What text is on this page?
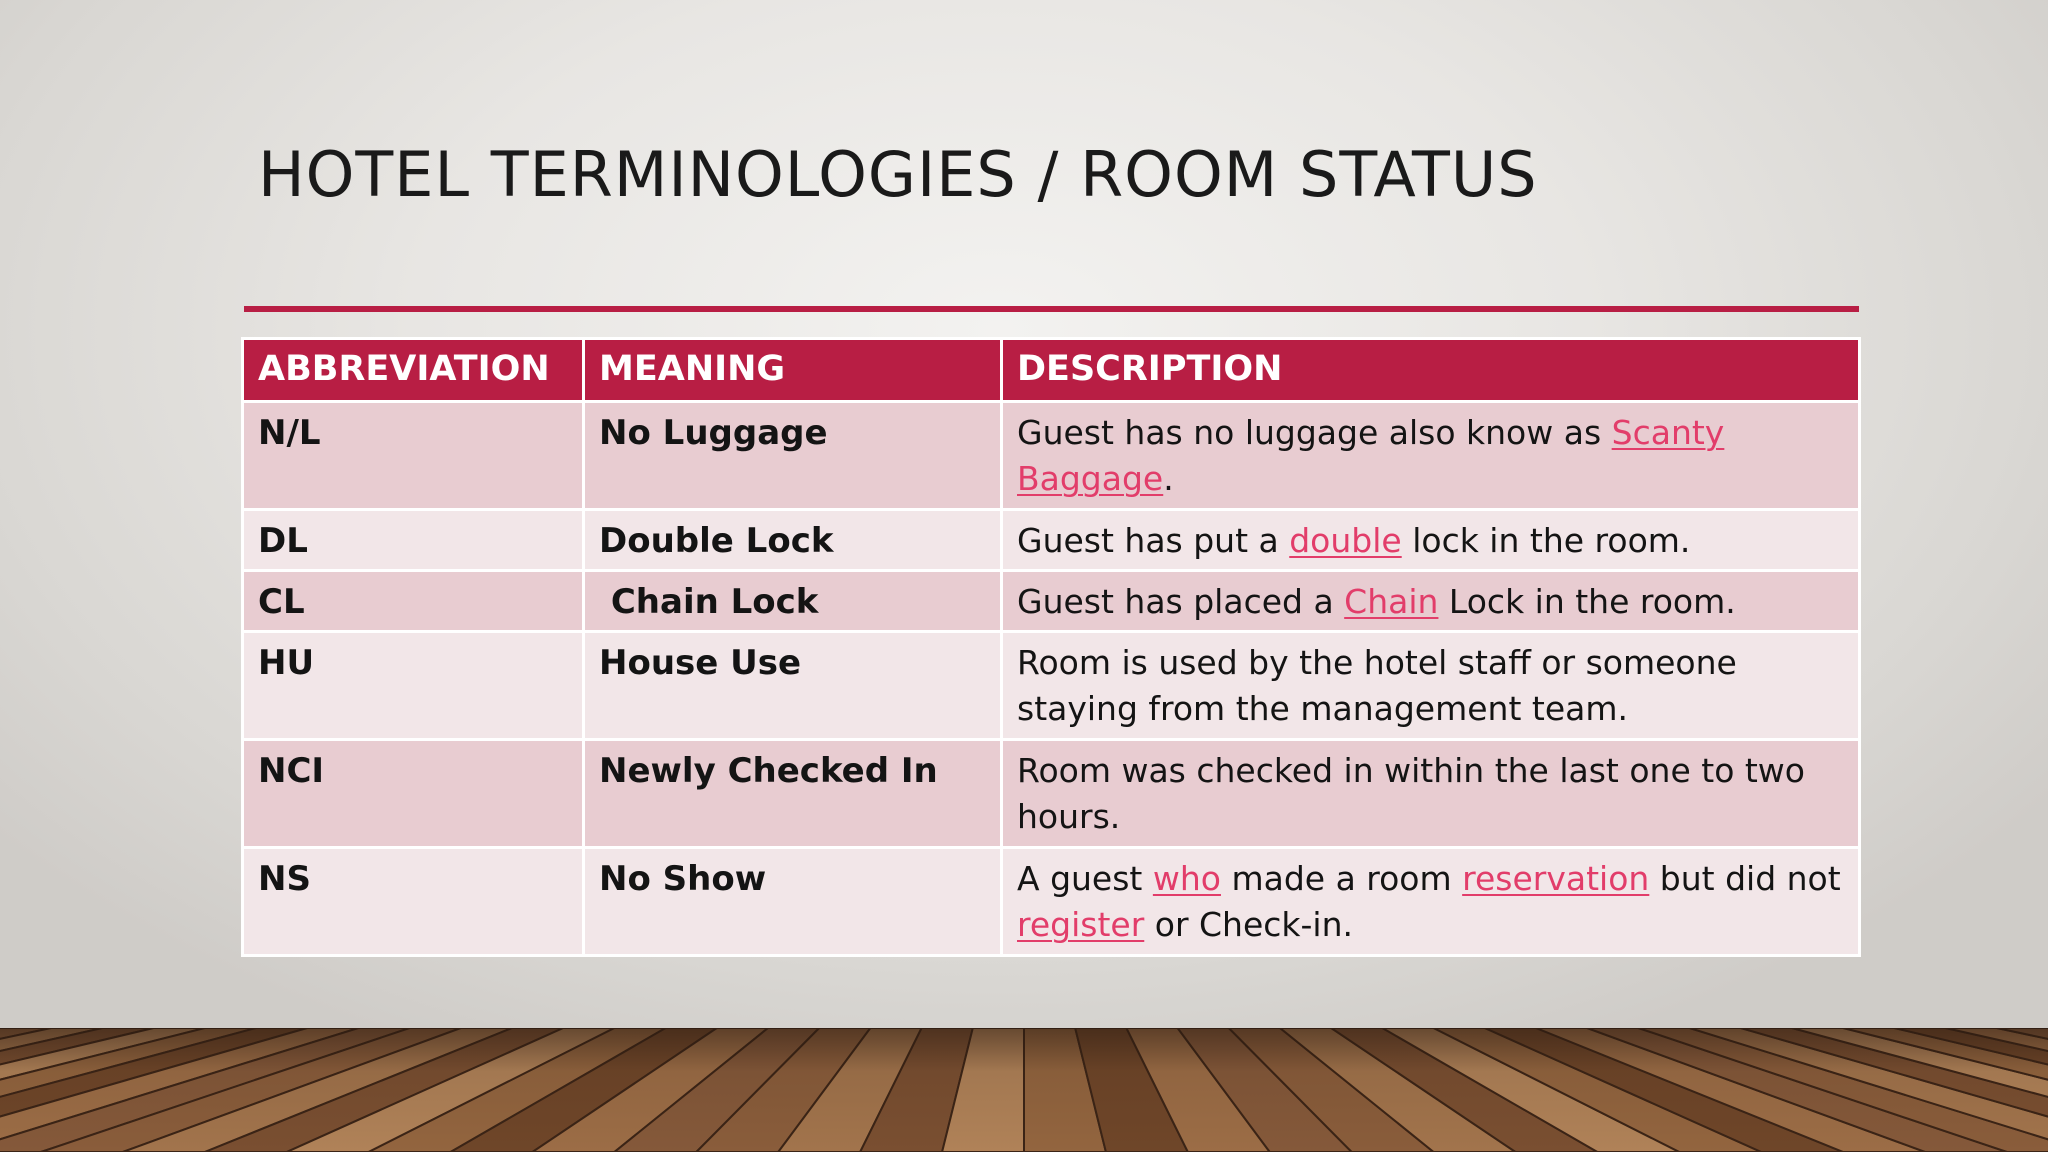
HOTEL TERMINOLOGIES / ROOM STATUS
ABBREVIATION	MEANING	DESCRIPTION
N/L	No Luggage	Guest has no luggage also know as Scanty Baggage.
DL	Double Lock	Guest has put a double lock in the room.
CL	Chain Lock	Guest has placed a Chain Lock in the room.
HU	House Use	Room is used by the hotel staff or someone staying from the management team.
NCI	Newly Checked In	Room was checked in within the last one to two hours.
NS	No Show	A guest who made a room reservation but did not register or Check-in.
